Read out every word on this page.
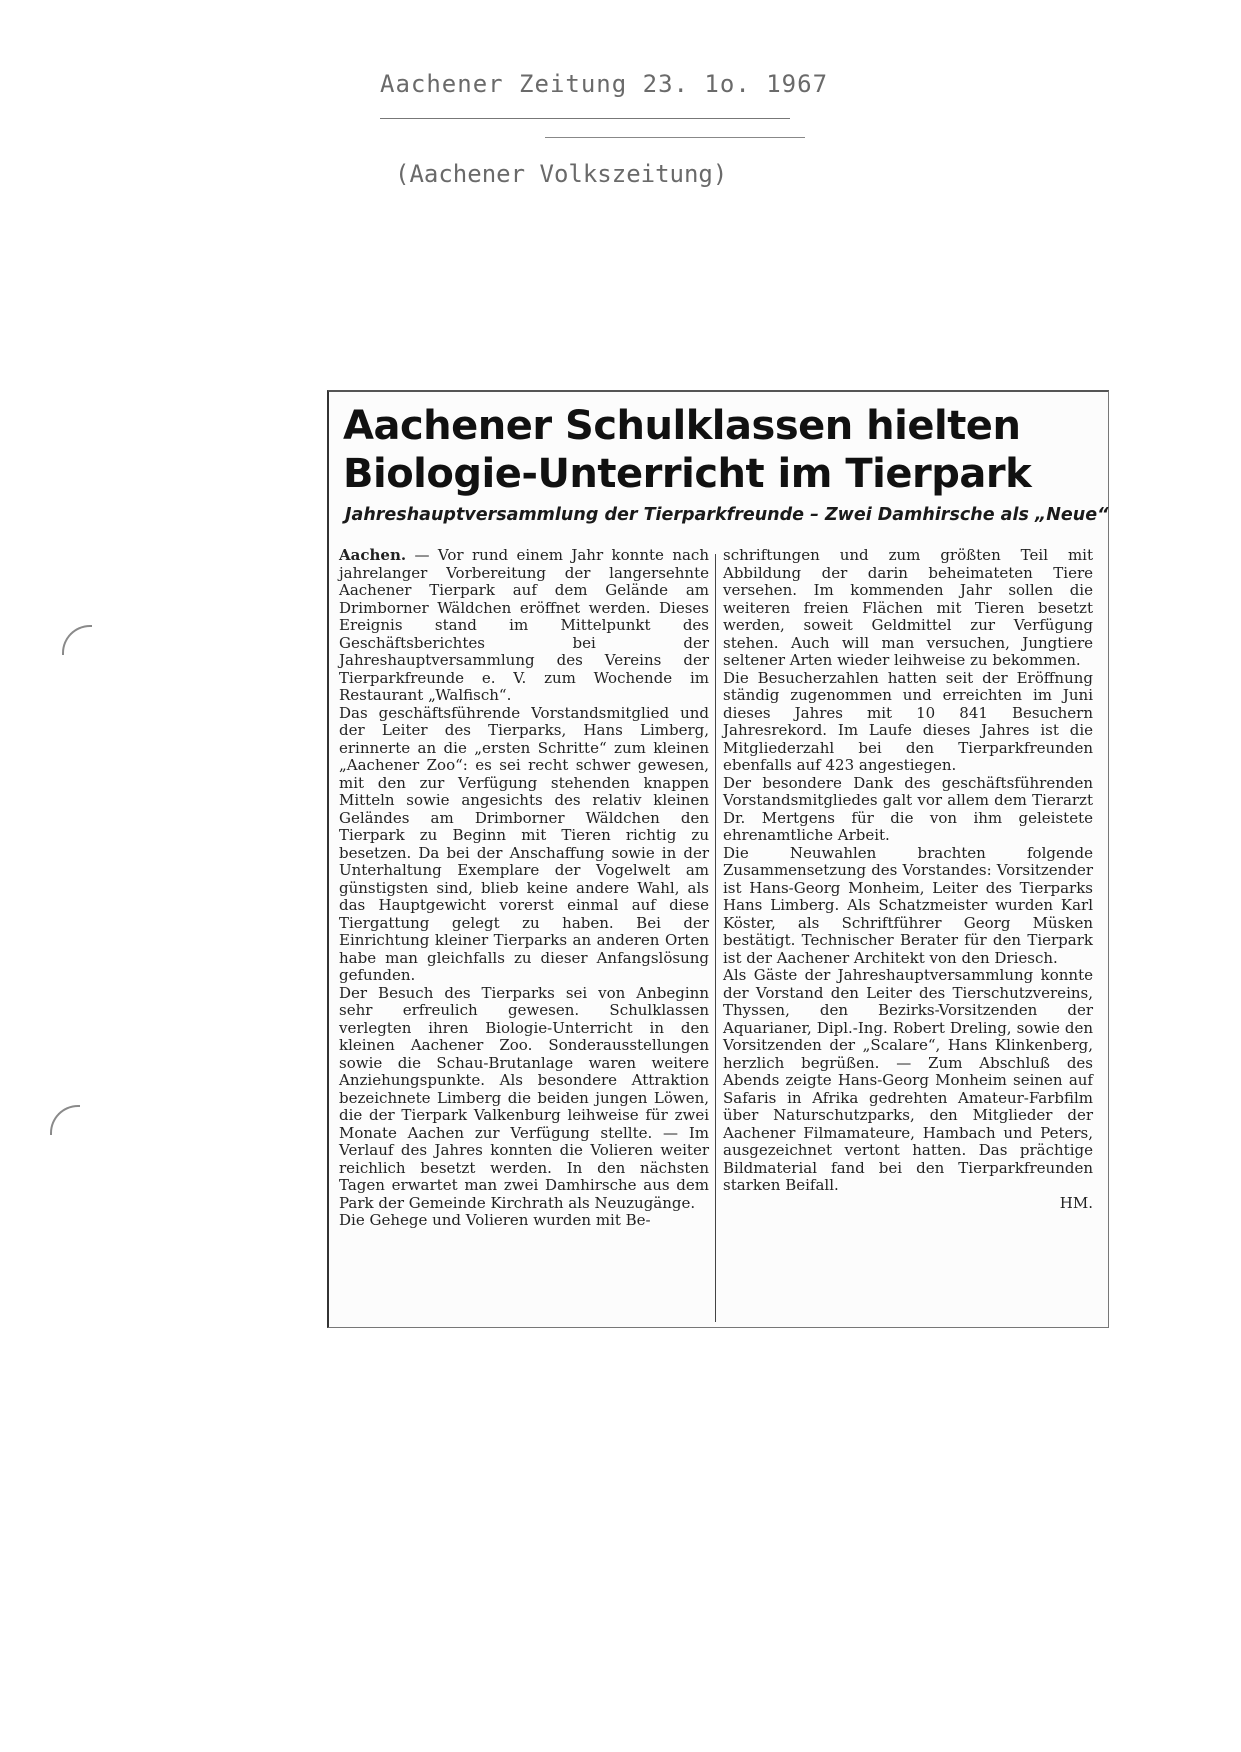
Aachener Zeitung 23. 1o. 1967
(Aachener Volkszeitung)
Aachener Schulklassen hielten
Biologie-Unterricht im Tierpark
Jahreshauptversammlung der Tierparkfreunde – Zwei Damhirsche als „Neue“

Aachen. — Vor rund einem Jahr konnte nach jahrelanger Vorbereitung der langersehnte Aachener Tierpark auf dem Gelände am Drimborner Wäldchen eröffnet werden. Dieses Ereignis stand im Mittelpunkt des Geschäftsberichtes bei der Jahreshauptversammlung des Vereins der Tierparkfreunde e. V. zum Wochende im Restaurant „Walfisch“.

Das geschäftsführende Vorstandsmitglied und der Leiter des Tierparks, Hans Limberg, erinnerte an die „ersten Schritte“ zum kleinen „Aachener Zoo“: es sei recht schwer gewesen, mit den zur Verfügung stehenden knappen Mitteln sowie angesichts des relativ kleinen Geländes am Drimborner Wäldchen den Tierpark zu Beginn mit Tieren richtig zu besetzen. Da bei der Anschaffung sowie in der Unterhaltung Exemplare der Vogelwelt am günstigsten sind, blieb keine andere Wahl, als das Hauptgewicht vorerst einmal auf diese Tiergattung gelegt zu haben. Bei der Einrichtung kleiner Tierparks an anderen Orten habe man gleichfalls zu dieser Anfangslösung gefunden.

Der Besuch des Tierparks sei von Anbeginn sehr erfreulich gewesen. Schulklassen verlegten ihren Biologie-Unterricht in den kleinen Aachener Zoo. Sonderausstellungen sowie die Schau-Brutanlage waren weitere Anziehungspunkte. Als besondere Attraktion bezeichnete Limberg die beiden jungen Löwen, die der Tierpark Valkenburg leihweise für zwei Monate Aachen zur Verfügung stellte. — Im Verlauf des Jahres konnten die Volieren weiter reichlich besetzt werden. In den nächsten Tagen erwartet man zwei Damhirsche aus dem Park der Gemeinde Kirchrath als Neuzugänge.

Die Gehege und Volieren wurden mit Be-

schriftungen und zum größten Teil mit Abbildung der darin beheimateten Tiere versehen. Im kommenden Jahr sollen die weiteren freien Flächen mit Tieren besetzt werden, soweit Geldmittel zur Verfügung stehen. Auch will man versuchen, Jungtiere seltener Arten wieder leihweise zu bekommen.

Die Besucherzahlen hatten seit der Eröffnung ständig zugenommen und erreichten im Juni dieses Jahres mit 10 841 Besuchern Jahresrekord. Im Laufe dieses Jahres ist die Mitgliederzahl bei den Tierparkfreunden ebenfalls auf 423 angestiegen.

Der besondere Dank des geschäftsführenden Vorstandsmitgliedes galt vor allem dem Tierarzt Dr. Mertgens für die von ihm geleistete ehrenamtliche Arbeit.

Die Neuwahlen brachten folgende Zusammensetzung des Vorstandes: Vorsitzender ist Hans-Georg Monheim, Leiter des Tierparks Hans Limberg. Als Schatzmeister wurden Karl Köster, als Schriftführer Georg Müsken bestätigt. Technischer Berater für den Tierpark ist der Aachener Architekt von den Driesch.

Als Gäste der Jahreshauptversammlung konnte der Vorstand den Leiter des Tierschutzvereins, Thyssen, den Bezirks-Vorsitzenden der Aquarianer, Dipl.-Ing. Robert Dreling, sowie den Vorsitzenden der „Scalare“, Hans Klinkenberg, herzlich begrüßen. — Zum Abschluß des Abends zeigte Hans-Georg Monheim seinen auf Safaris in Afrika gedrehten Amateur-Farbfilm über Naturschutzparks, den Mitglieder der Aachener Filmamateure, Hambach und Peters, ausgezeichnet vertont hatten. Das prächtige Bildmaterial fand bei den Tierparkfreunden starken Beifall.

HM.
